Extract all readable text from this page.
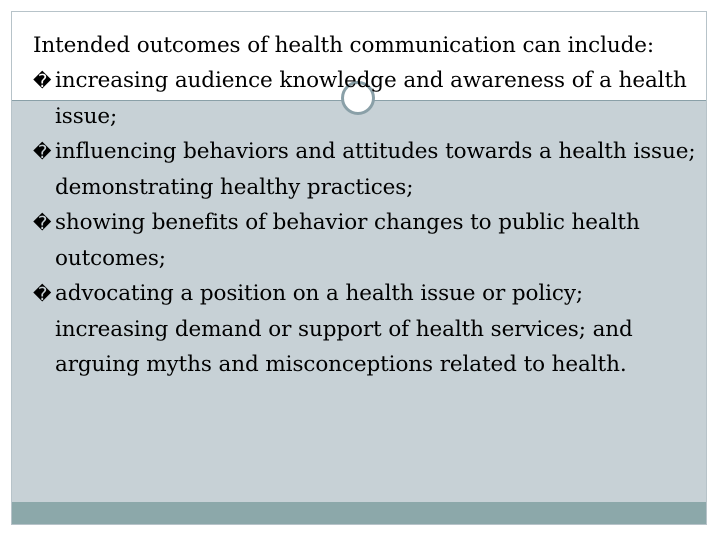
Intended outcomes of health communication can include:

� increasing audience knowledge and awareness of a health issue;

� influencing behaviors and attitudes towards a health issue; demonstrating healthy practices;

� showing benefits of behavior changes to public health outcomes;

� advocating a position on a health issue or policy; increasing demand or support of health services; and arguing myths and misconceptions related to health.
